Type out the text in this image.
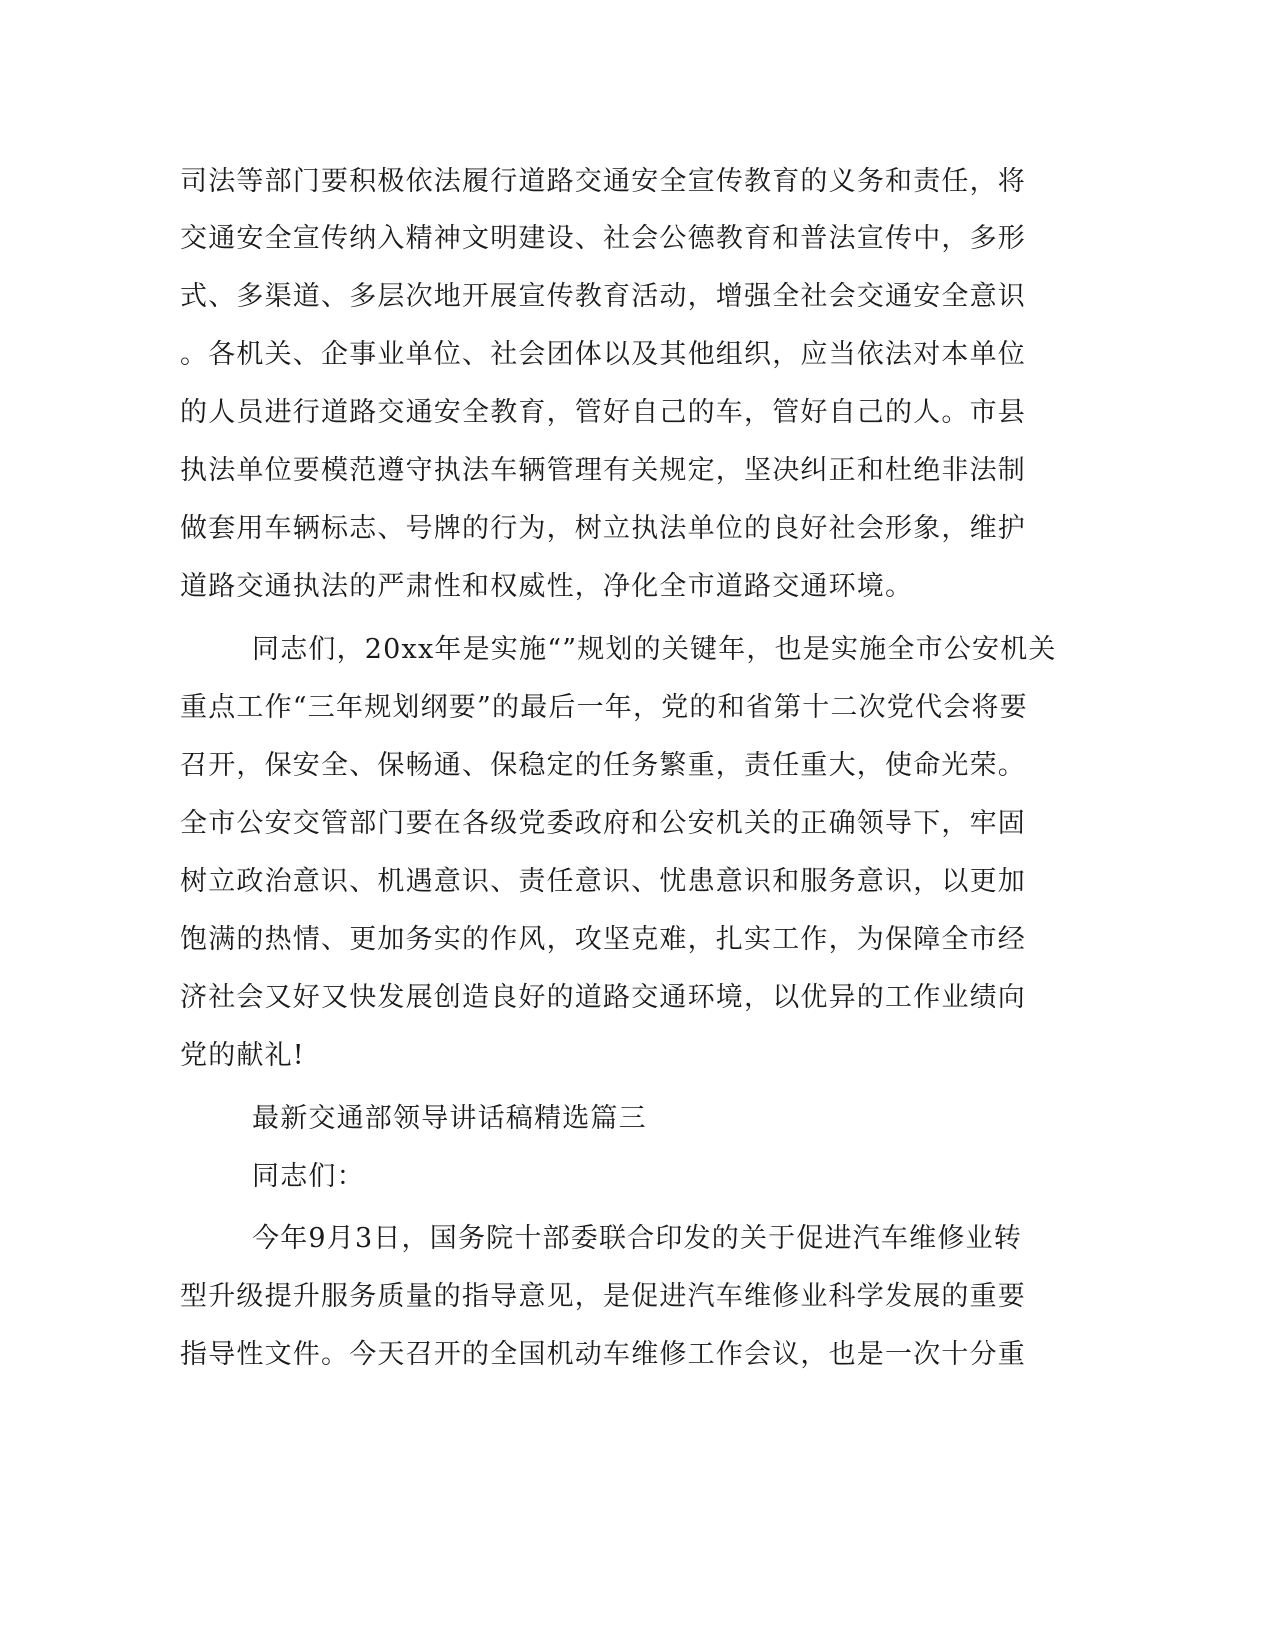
司法等部门要积极依法履行道路交通安全宣传教育的义务和责任，将
交通安全宣传纳入精神文明建设、社会公德教育和普法宣传中，多形
式、多渠道、多层次地开展宣传教育活动，增强全社会交通安全意识
。各机关、企事业单位、社会团体以及其他组织，应当依法对本单位
的人员进行道路交通安全教育，管好自己的车，管好自己的人。市县
执法单位要模范遵守执法车辆管理有关规定，坚决纠正和杜绝非法制
做套用车辆标志、号牌的行为，树立执法单位的良好社会形象，维护
道路交通执法的严肃性和权威性，净化全市道路交通环境。
同志们，20xx年是实施“”规划的关键年，也是实施全市公安机关
重点工作“三年规划纲要”的最后一年，党的和省第十二次党代会将要
召开，保安全、保畅通、保稳定的任务繁重，责任重大，使命光荣。
全市公安交管部门要在各级党委政府和公安机关的正确领导下，牢固
树立政治意识、机遇意识、责任意识、忧患意识和服务意识，以更加
饱满的热情、更加务实的作风，攻坚克难，扎实工作，为保障全市经
济社会又好又快发展创造良好的道路交通环境，以优异的工作业绩向
党的献礼!
最新交通部领导讲话稿精选篇三
同志们：
今年9月3日，国务院十部委联合印发的关于促进汽车维修业转
型升级提升服务质量的指导意见，是促进汽车维修业科学发展的重要
指导性文件。今天召开的全国机动车维修工作会议，也是一次十分重
